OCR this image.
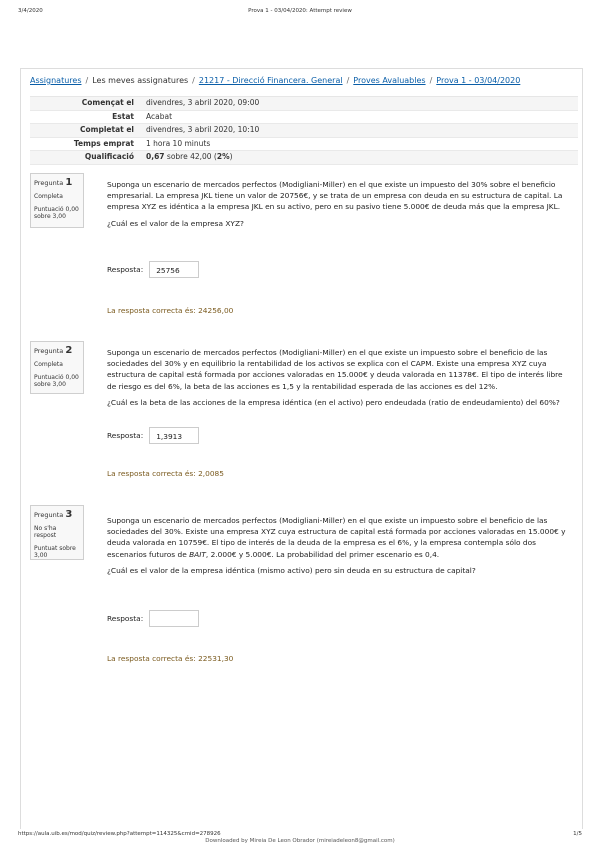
3/4/2020	Prova 1 - 03/04/2020: Attempt review
Assignatures / Les meves assignatures / 21217 - Direcció Financera. General / Proves Avaluables / Prova 1 - 03/04/2020
Començat el	divendres, 3 abril 2020, 09:00
Estat	Acabat
Completat el	divendres, 3 abril 2020, 10:10
Temps emprat	1 hora 10 minuts
Qualificació	0,67 sobre 42,00 (2%)
Pregunta 1
Completa
Puntuació 0,00 sobre 3,00

Suponga un escenario de mercados perfectos (Modigliani-Miller) en el que existe un impuesto del 30% sobre el beneficio empresarial. La empresa JKL tiene un valor de 20756€, y se trata de un empresa con deuda en su estructura de capital. La empresa XYZ es idéntica a la empresa JKL en su activo, pero en su pasivo tiene 5.000€ de deuda más que la empresa JKL.

¿Cuál es el valor de la empresa XYZ?
Resposta:	25756
La resposta correcta és: 24256,00
Pregunta 2
Completa
Puntuació 0,00 sobre 3,00

Suponga un escenario de mercados perfectos (Modigliani-Miller) en el que existe un impuesto sobre el beneficio de las sociedades del 30% y en equilibrio la rentabilidad de los activos se explica con el CAPM. Existe una empresa XYZ cuya estructura de capital está formada por acciones valoradas en 15.000€ y deuda valorada en 11378€. El tipo de interés libre de riesgo es del 6%, la beta de las acciones es 1,5 y la rentabilidad esperada de las acciones es del 12%.

¿Cuál es la beta de las acciones de la empresa idéntica (en el activo) pero endeudada (ratio de endeudamiento) del 60%?
Resposta:	1,3913
La resposta correcta és: 2,0085
Pregunta 3
No s'ha respost
Puntuat sobre 3,00

Suponga un escenario de mercados perfectos (Modigliani-Miller) en el que existe un impuesto sobre el beneficio de las sociedades del 30%. Existe una empresa XYZ cuya estructura de capital está formada por acciones valoradas en 15.000€ y deuda valorada en 10759€. El tipo de interés de la deuda de la empresa es el 6%, y la empresa contempla sólo dos escenarios futuros de BAIT, 2.000€ y 5.000€. La probabilidad del primer escenario es 0,4.

¿Cuál es el valor de la empresa idéntica (mismo activo) pero sin deuda en su estructura de capital?
Resposta:
La resposta correcta és: 22531,30
https://aula.uib.es/mod/quiz/review.php?attempt=114325&cmid=278926	1/5
Downloaded by Mireia De Leon Obrador (mireiadeleon8@gmail.com)
